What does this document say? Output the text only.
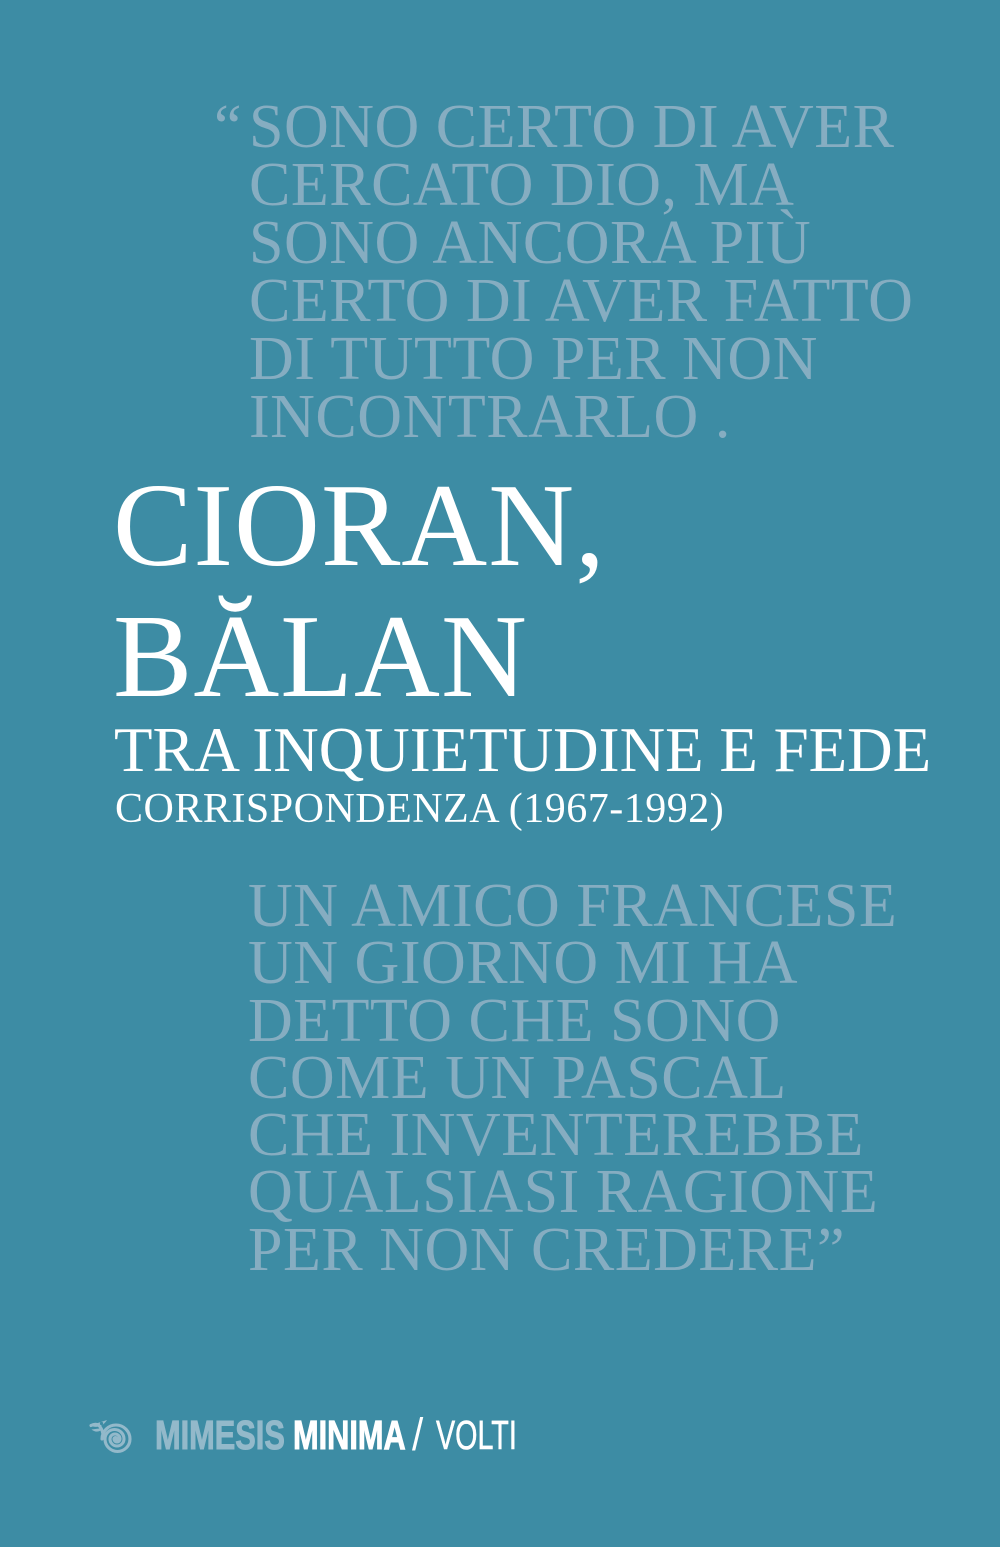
“ SONO CERTO DI AVER
CERCATO DIO, MA
SONO ANCORA PIÙ
CERTO DI AVER FATTO
DI TUTTO PER NON
INCONTRARLO .
CIORAN,
BĂLAN
TRA INQUIETUDINE E FEDE
CORRISPONDENZA (1967-1992)
UN AMICO FRANCESE
UN GIORNO MI HA
DETTO CHE SONO
COME UN PASCAL
CHE INVENTEREBBE
QUALSIASI RAGIONE
PER NON CREDERE”
MIMESIS MINIMA / VOLTI
